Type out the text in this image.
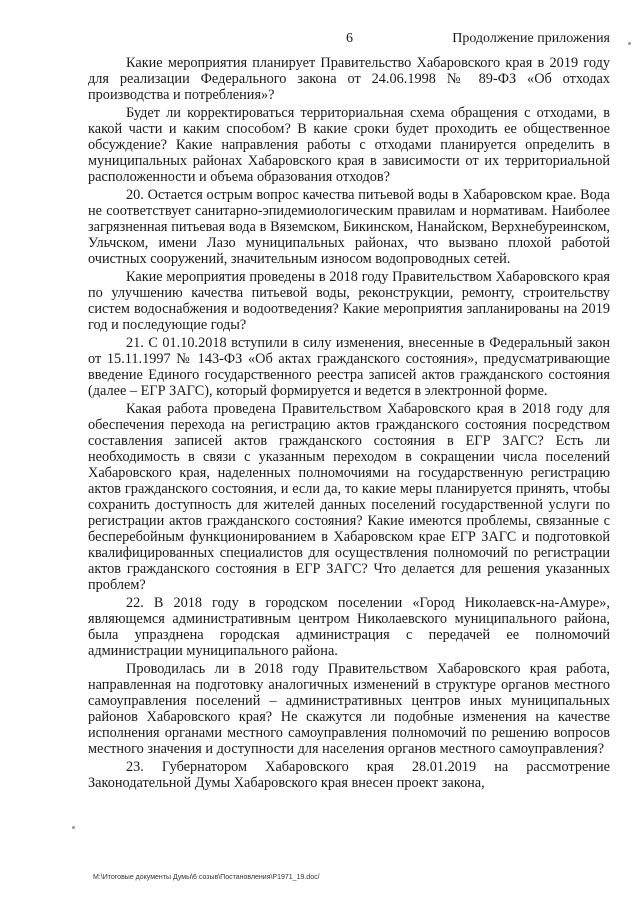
6	Продолжение приложения

Какие мероприятия планирует Правительство Хабаровского края в 2019 году для реализации Федерального закона от 24.06.1998 № 89-ФЗ «Об отходах производства и потребления»?

Будет ли корректироваться территориальная схема обращения с отходами, в какой части и каким способом? В какие сроки будет проходить ее общественное обсуждение? Какие направления работы с отходами планируется определить в муниципальных районах Хабаровского края в зависимости от их территориальной расположенности и объема образования отходов?

20. Остается острым вопрос качества питьевой воды в Хабаровском крае. Вода не соответствует санитарно-эпидемиологическим правилам и нормативам. Наиболее загрязненная питьевая вода в Вяземском, Бикинском, Нанайском, Верхнебуреинском, Ульчском, имени Лазо муниципальных районах, что вызвано плохой работой очистных сооружений, значительным износом водопроводных сетей.

Какие мероприятия проведены в 2018 году Правительством Хабаровского края по улучшению качества питьевой воды, реконструкции, ремонту, строительству систем водоснабжения и водоотведения? Какие мероприятия запланированы на 2019 год и последующие годы?

21. С 01.10.2018 вступили в силу изменения, внесенные в Федеральный закон от 15.11.1997 № 143-ФЗ «Об актах гражданского состояния», предусматривающие введение Единого государственного реестра записей актов гражданского состояния (далее – ЕГР ЗАГС), который формируется и ведется в электронной форме.

Какая работа проведена Правительством Хабаровского края в 2018 году для обеспечения перехода на регистрацию актов гражданского состояния посредством составления записей актов гражданского состояния в ЕГР ЗАГС? Есть ли необходимость в связи с указанным переходом в сокращении числа поселений Хабаровского края, наделенных полномочиями на государственную регистрацию актов гражданского состояния, и если да, то какие меры планируется принять, чтобы сохранить доступность для жителей данных поселений государственной услуги по регистрации актов гражданского состояния? Какие имеются проблемы, связанные с бесперебойным функционированием в Хабаровском крае ЕГР ЗАГС и подготовкой квалифицированных специалистов для осуществления полномочий по регистрации актов гражданского состояния в ЕГР ЗАГС? Что делается для решения указанных проблем?

22. В 2018 году в городском поселении «Город Николаевск-на-Амуре», являющемся административным центром Николаевского муниципального района, была упразднена городская администрация с передачей ее полномочий администрации муниципального района.

Проводилась ли в 2018 году Правительством Хабаровского края работа, направленная на подготовку аналогичных изменений в структуре органов местного самоуправления поселений – административных центров иных муниципальных районов Хабаровского края? Не скажутся ли подобные изменения на качестве исполнения органами местного самоуправления полномочий по решению вопросов местного значения и доступности для населения органов местного самоуправления?

23. Губернатором Хабаровского края 28.01.2019 на рассмотрение Законодательной Думы Хабаровского края внесен проект закона,

M:\Итоговые документы Думы\6 созыв\Постановления\Р1971_19.doc/
